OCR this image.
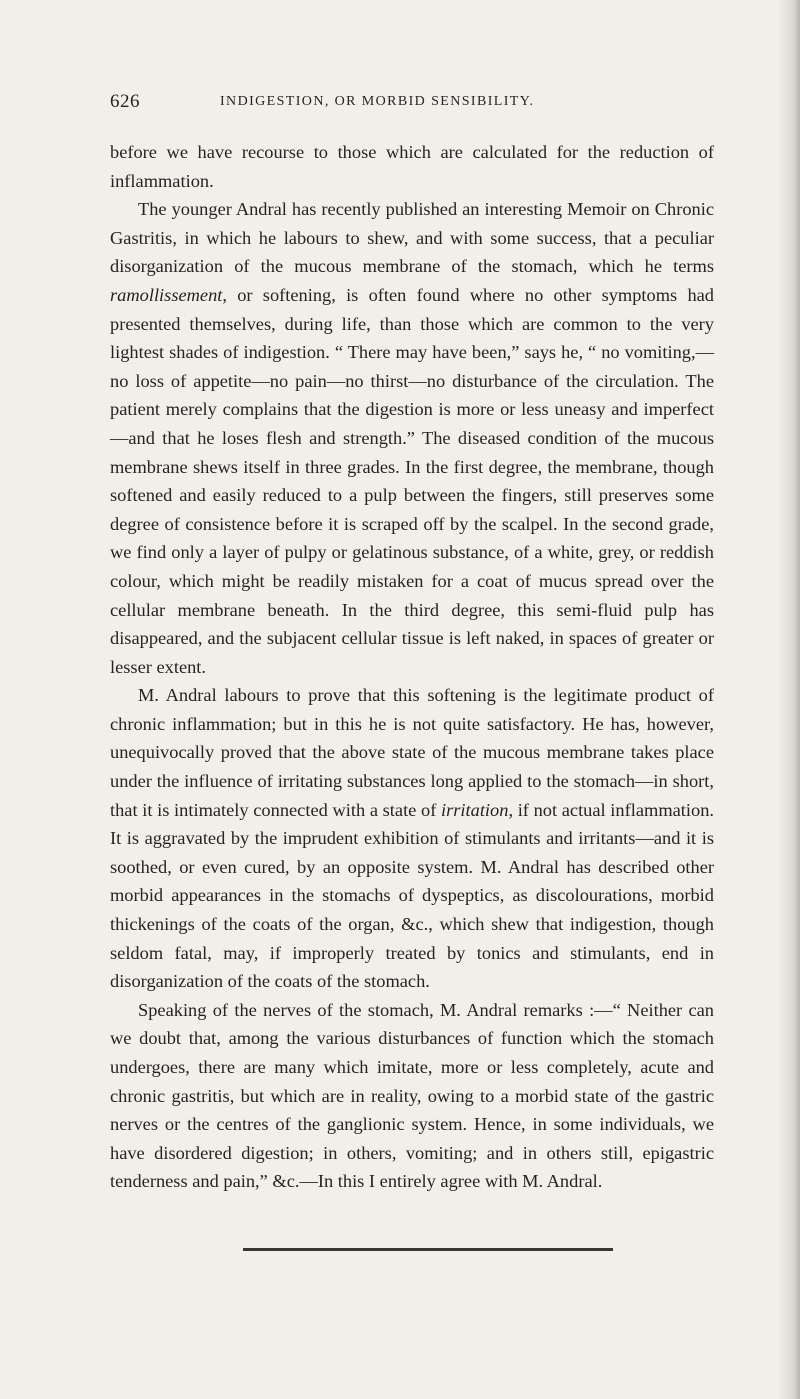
626	INDIGESTION, OR MORBID SENSIBILITY.

before we have recourse to those which are calculated for the reduction of inflammation.

The younger Andral has recently published an interesting Memoir on Chronic Gastritis, in which he labours to shew, and with some success, that a peculiar disorganization of the mucous membrane of the stomach, which he terms ramollissement, or softening, is often found where no other symptoms had presented themselves, during life, than those which are common to the very lightest shades of indigestion. “ There may have been,” says he, “ no vomiting,—no loss of appetite—no pain—no thirst—no disturbance of the circulation. The patient merely complains that the digestion is more or less uneasy and imperfect—and that he loses flesh and strength.” The diseased condition of the mucous membrane shews itself in three grades. In the first degree, the membrane, though softened and easily reduced to a pulp between the fingers, still preserves some degree of consistence before it is scraped off by the scalpel. In the second grade, we find only a layer of pulpy or gelatinous substance, of a white, grey, or reddish colour, which might be readily mistaken for a coat of mucus spread over the cellular membrane beneath. In the third degree, this semi-fluid pulp has disappeared, and the subjacent cellular tissue is left naked, in spaces of greater or lesser extent.

M. Andral labours to prove that this softening is the legitimate product of chronic inflammation; but in this he is not quite satisfactory. He has, however, unequivocally proved that the above state of the mucous membrane takes place under the influence of irritating substances long applied to the stomach—in short, that it is intimately connected with a state of irritation, if not actual inflammation. It is aggravated by the imprudent exhibition of stimulants and irritants—and it is soothed, or even cured, by an opposite system. M. Andral has described other morbid appearances in the stomachs of dyspeptics, as discolourations, morbid thickenings of the coats of the organ, &c., which shew that indigestion, though seldom fatal, may, if improperly treated by tonics and stimulants, end in disorganization of the coats of the stomach.

Speaking of the nerves of the stomach, M. Andral remarks :—“ Neither can we doubt that, among the various disturbances of function which the stomach undergoes, there are many which imitate, more or less completely, acute and chronic gastritis, but which are in reality, owing to a morbid state of the gastric nerves or the centres of the ganglionic system. Hence, in some individuals, we have disordered digestion; in others, vomiting; and in others still, epigastric tenderness and pain,” &c.—In this I entirely agree with M. Andral.
